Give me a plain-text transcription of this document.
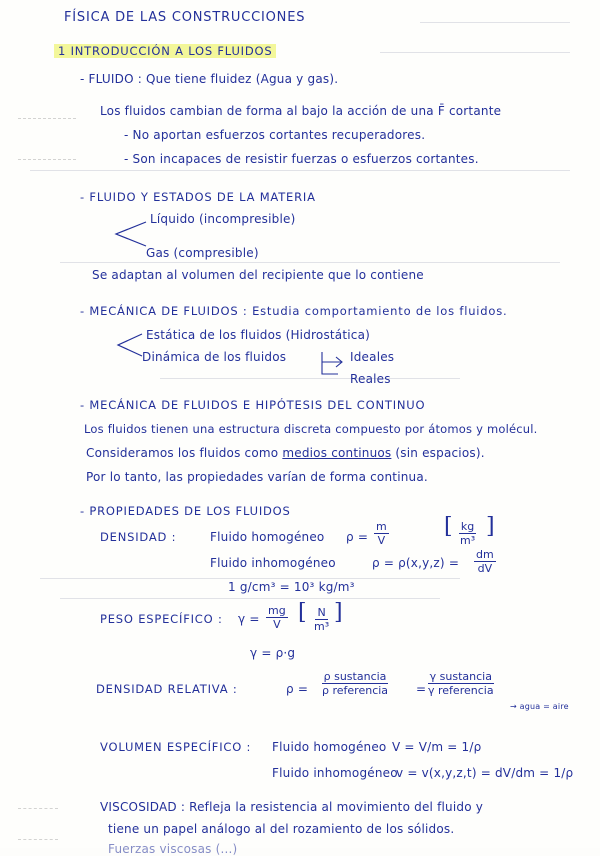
FÍSICA DE LAS CONSTRUCCIONES
1 INTRODUCCIÓN A LOS FLUIDOS
- FLUIDO : Que tiene fluidez (Agua y gas).
Los fluidos cambian de forma al bajo la acción de una F̄ cortante
- No aportan esfuerzos cortantes recuperadores.
- Son incapaces de resistir fuerzas o esfuerzos cortantes.
- FLUIDO Y ESTADOS DE LA MATERIA
Líquido (incompresible)
Gas (compresible)
Se adaptan al volumen del recipiente que lo contiene
- MECÁNICA DE FLUIDOS : Estudia comportamiento de los fluidos.
Estática de los fluidos (Hidrostática)
Dinámica de los fluidos	Ideales
Reales
- MECÁNICA DE FLUIDOS E HIPÓTESIS DEL CONTINUO
Los fluidos tienen una estructura discreta compuesto por átomos y molécul.
Consideramos los fluidos como medios continuos (sin espacios).
Por lo tanto, las propiedades varían de forma continua.
- PROPIEDADES DE LOS FLUIDOS
DENSIDAD :	Fluido homogéneo $\rho = \frac{m}{V}$	[ $\frac{kg}{\text{m³}}$ ]
Fluido inhomogéneo	$\rho = \rho(x,y,z) = \frac{dm}{dV}$
1 g/cm³ = 10³ kg/m³
PESO ESPECÍFICO : $\gamma = \frac{mg}{V}$ [ $\frac{N}{\text{m³}}$ ]
γ = ρ·g
DENSIDAD RELATIVA :	ρ =
ρ sustancia
ρ referencia =
γ sustancia
γ referencia
→ agua = aire
VOLUMEN ESPECÍFICO : Fluido homogéneo V = V/m = 1/ρ
Fluido inhomogéneo
v = v(x,y,z,t) = dV/dm = 1/ρ
VISCOSIDAD : Refleja la resistencia al movimiento del fluido y
tiene un papel análogo al del rozamiento de los sólidos.
Fuerzas viscosas (...)
